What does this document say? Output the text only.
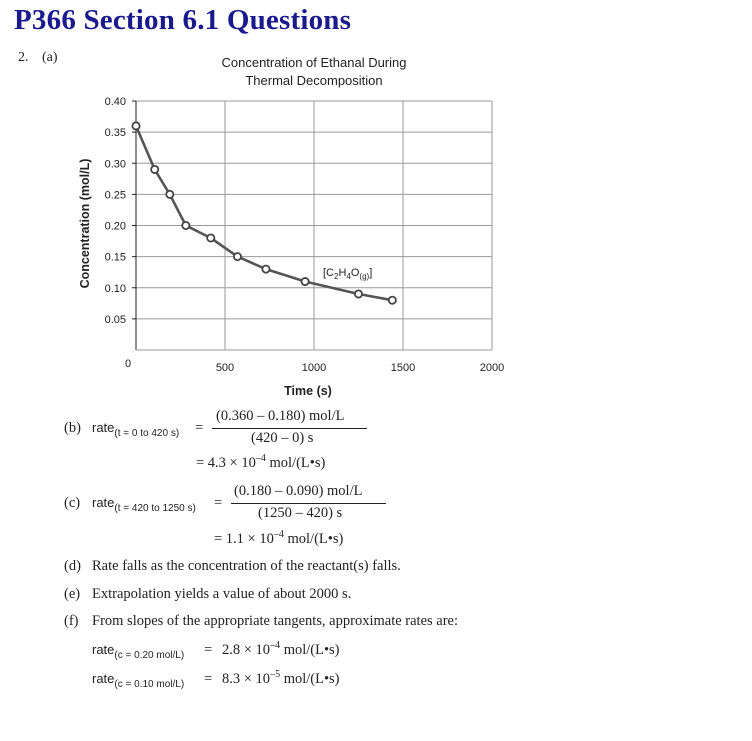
P366 Section 6.1 Questions
2. (a)	Concentration of Ethanal During
Thermal Decomposition
0.05
0.10
0.15
0.20
0.25
0.30
0.35
0.40
0	500	1000	1500	2000
Time (s)
Concentration (mol/L)	$[C_2H_4O_{(g)}]$
(b) rate$_{(t = 0 to 420 s)}$ =
(0.360 – 0.180) mol/L
(420 – 0) s
= $4.3 \times 10^{-4}$ mol/(L•s)
(c) rate$_{(t = 420 to 1250 s)}$ =
(0.180 – 0.090) mol/L
(1250 – 420) s
= $1.1 \times 10^{-4}$ mol/(L•s)
(d) Rate falls as the concentration of the reactant(s) falls.
(e) Extrapolation yields a value of about 2000 s.
(f) From slopes of the appropriate tangents, approximate rates are:
rate$_{(c = 0.20 mol/L)}$ = $2.8 \times 10^{-4}$ mol/(L•s)
rate$_{(c = 0.10 mol/L)}$ = $8.3 \times 10^{-5}$ mol/(L•s)
